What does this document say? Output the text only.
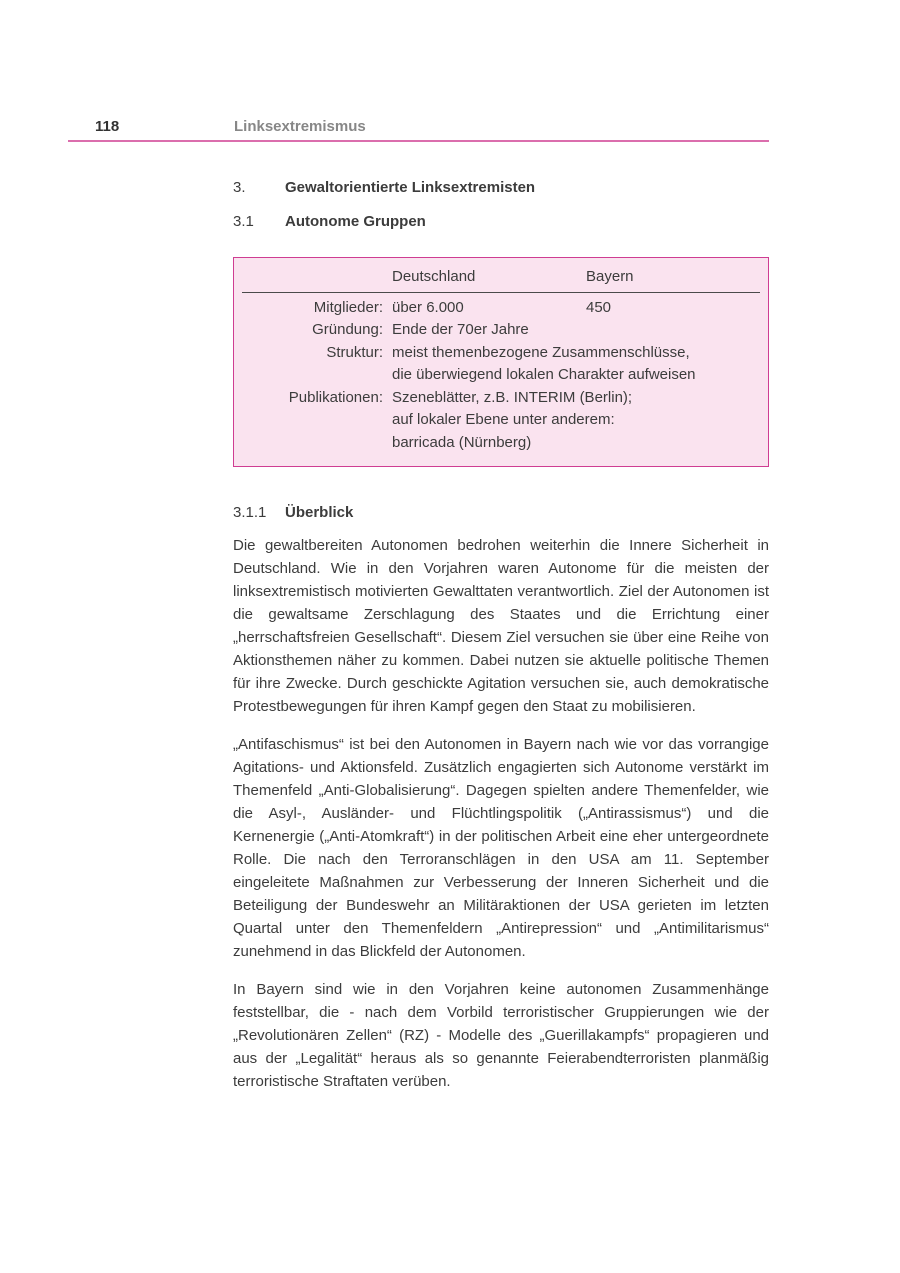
118	Linksextremismus
3.	Gewaltorientierte Linksextremisten
3.1	Autonome Gruppen
Deutschland	Bayern
Mitglieder: über 6.000	450
Gründung: Ende der 70er Jahre
Struktur: meist themenbezogene Zusammenschlüsse,
die überwiegend lokalen Charakter aufweisen
Publikationen: Szeneblätter, z.B. INTERIM (Berlin);
auf lokaler Ebene unter anderem:
barricada (Nürnberg)
3.1.1	Überblick

Die gewaltbereiten Autonomen bedrohen weiterhin die Innere Sicherheit in Deutschland. Wie in den Vorjahren waren Autonome für die meisten der linksextremistisch motivierten Gewalttaten verantwortlich. Ziel der Autonomen ist die gewaltsame Zerschlagung des Staates und die Errichtung einer „herrschaftsfreien Gesellschaft“. Diesem Ziel versuchen sie über eine Reihe von Aktionsthemen näher zu kommen. Dabei nutzen sie aktuelle politische Themen für ihre Zwecke. Durch geschickte Agitation versuchen sie, auch demokratische Protestbewegungen für ihren Kampf gegen den Staat zu mobilisieren.

„Antifaschismus“ ist bei den Autonomen in Bayern nach wie vor das vorrangige Agitations- und Aktionsfeld. Zusätzlich engagierten sich Autonome verstärkt im Themenfeld „Anti-Globalisierung“. Dagegen spielten andere Themenfelder, wie die Asyl-, Ausländer- und Flüchtlingspolitik („Antirassismus“) und die Kernenergie („Anti-Atomkraft“) in der politischen Arbeit eine eher untergeordnete Rolle. Die nach den Terroranschlägen in den USA am 11. September eingeleitete Maßnahmen zur Verbesserung der Inneren Sicherheit und die Beteiligung der Bundeswehr an Militäraktionen der USA gerieten im letzten Quartal unter den Themenfeldern „Antirepression“ und „Antimilitarismus“ zunehmend in das Blickfeld der Autonomen.

In Bayern sind wie in den Vorjahren keine autonomen Zusammenhänge feststellbar, die - nach dem Vorbild terroristischer Gruppierungen wie der „Revolutionären Zellen“ (RZ) - Modelle des „Guerillakampfs“ propagieren und aus der „Legalität“ heraus als so genannte Feierabendterroristen planmäßig terroristische Straftaten verüben.
